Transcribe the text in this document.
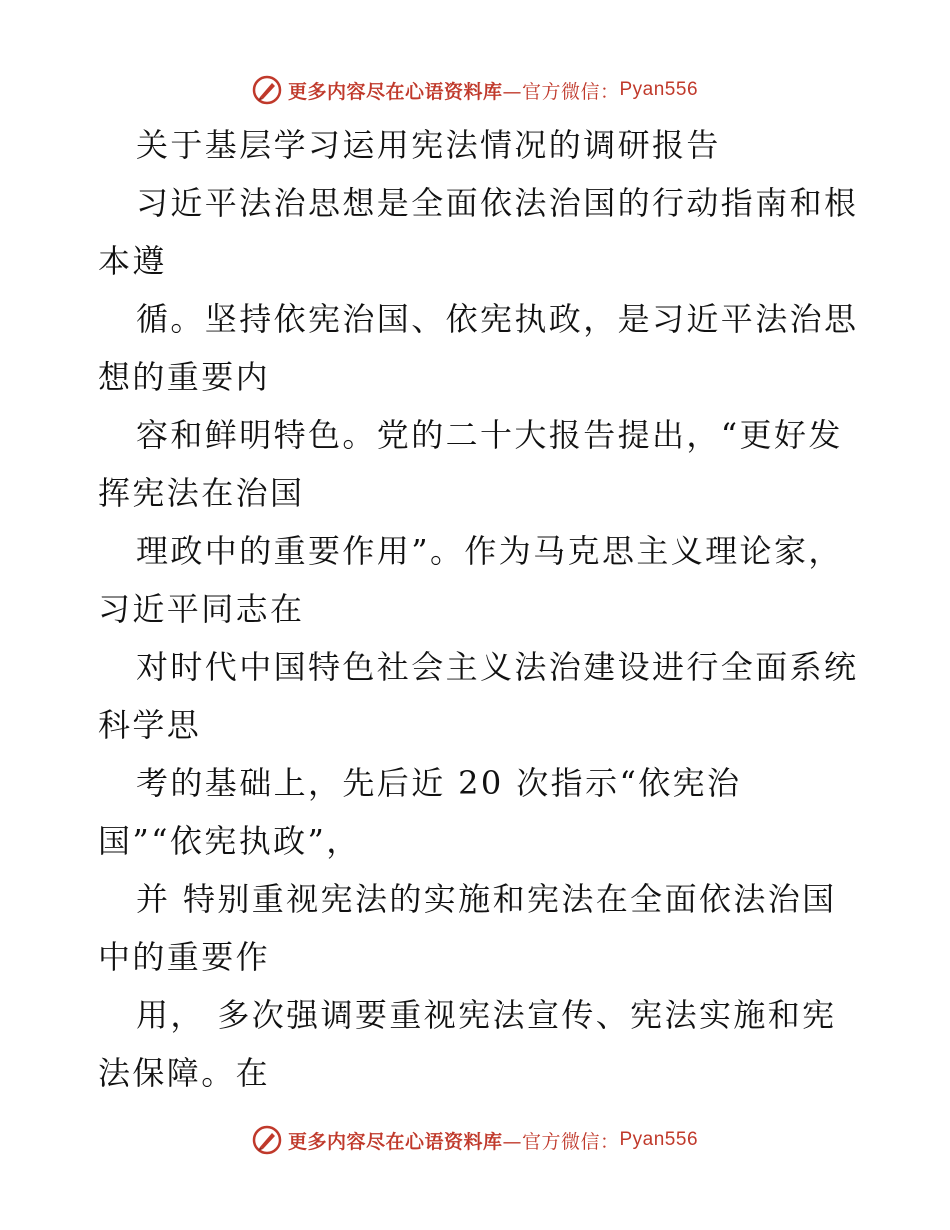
更多内容尽在心语资料库 —官方微信： Pyan556

关于基层学习运用宪法情况的调研报告

习近平法治思想是全面依法治国的行动指南和根

本遵

循。坚持依宪治国、依宪执政，是习近平法治思

想的重要内

容和鲜明特色。党的二十大报告提出，“更好发

挥宪法在治国

理政中的重要作用”。作为马克思主义理论家，

习近平同志在

对时代中国特色社会主义法治建设进行全面系统

科学思

考的基础上，先后近 20 次指示“依宪治

国”“依宪执政”，

并 特别重视宪法的实施和宪法在全面依法治国

中的重要作

用， 多次强调要重视宪法宣传、宪法实施和宪

法保障。在

更多内容尽在心语资料库 —官方微信： Pyan556
